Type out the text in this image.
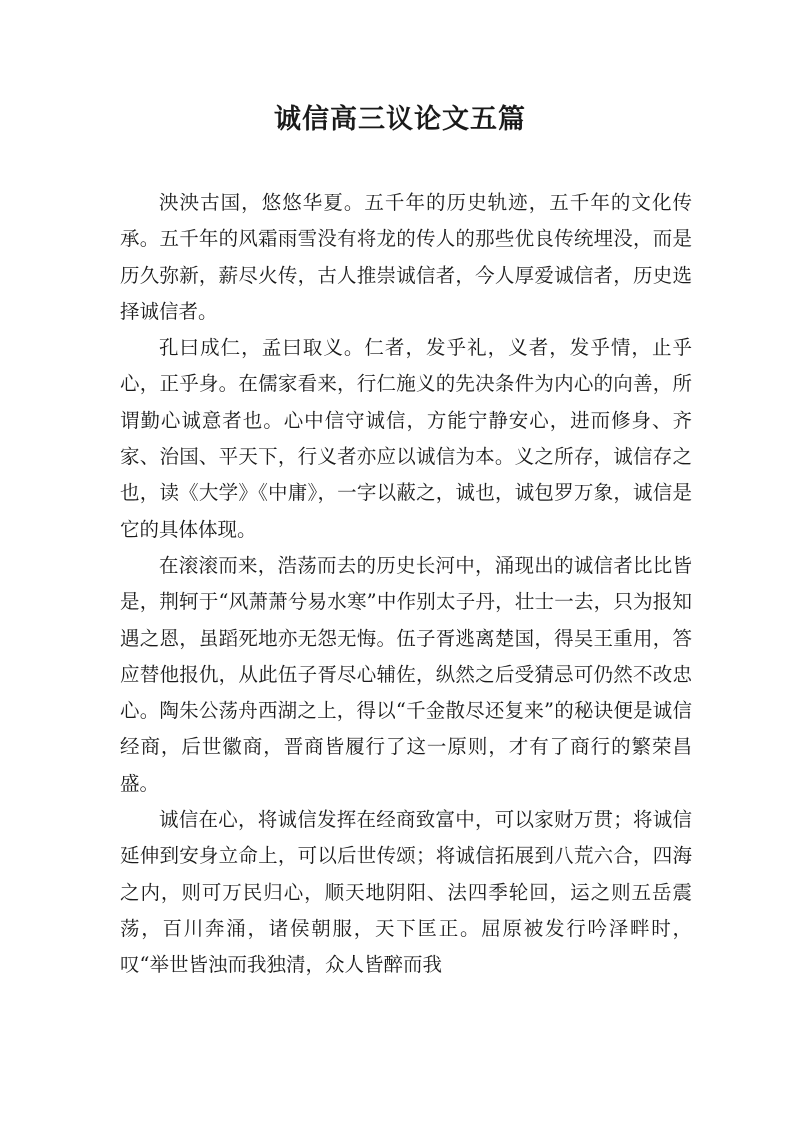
诚信高三议论文五篇

泱泱古国，悠悠华夏。五千年的历史轨迹，五千年的文化传承。五千年的风霜雨雪没有将龙的传人的那些优良传统埋没，而是历久弥新，薪尽火传，古人推崇诚信者，今人厚爱诚信者，历史选择诚信者。

孔曰成仁，孟曰取义。仁者，发乎礼，义者，发乎情，止乎心，正乎身。在儒家看来，行仁施义的先决条件为内心的向善，所谓勤心诚意者也。心中信守诚信，方能宁静安心，进而修身、齐家、治国、平天下，行义者亦应以诚信为本。义之所存，诚信存之也，读《大学》《中庸》，一字以蔽之，诚也，诚包罗万象，诚信是它的具体体现。

在滚滚而来，浩荡而去的历史长河中，涌现出的诚信者比比皆是，荆轲于“风萧萧兮易水寒”中作别太子丹，壮士一去，只为报知遇之恩，虽蹈死地亦无怨无悔。伍子胥逃离楚国，得吴王重用，答应替他报仇，从此伍子胥尽心辅佐，纵然之后受猜忌可仍然不改忠心。陶朱公荡舟西湖之上，得以“千金散尽还复来”的秘诀便是诚信经商，后世徽商，晋商皆履行了这一原则，才有了商行的繁荣昌盛。

诚信在心，将诚信发挥在经商致富中，可以家财万贯；将诚信延伸到安身立命上，可以后世传颂；将诚信拓展到八荒六合，四海之内，则可万民归心，顺天地阴阳、法四季轮回，运之则五岳震荡，百川奔涌，诸侯朝服，天下匡正。屈原被发行吟泽畔时，叹“举世皆浊而我独清，众人皆醉而我
